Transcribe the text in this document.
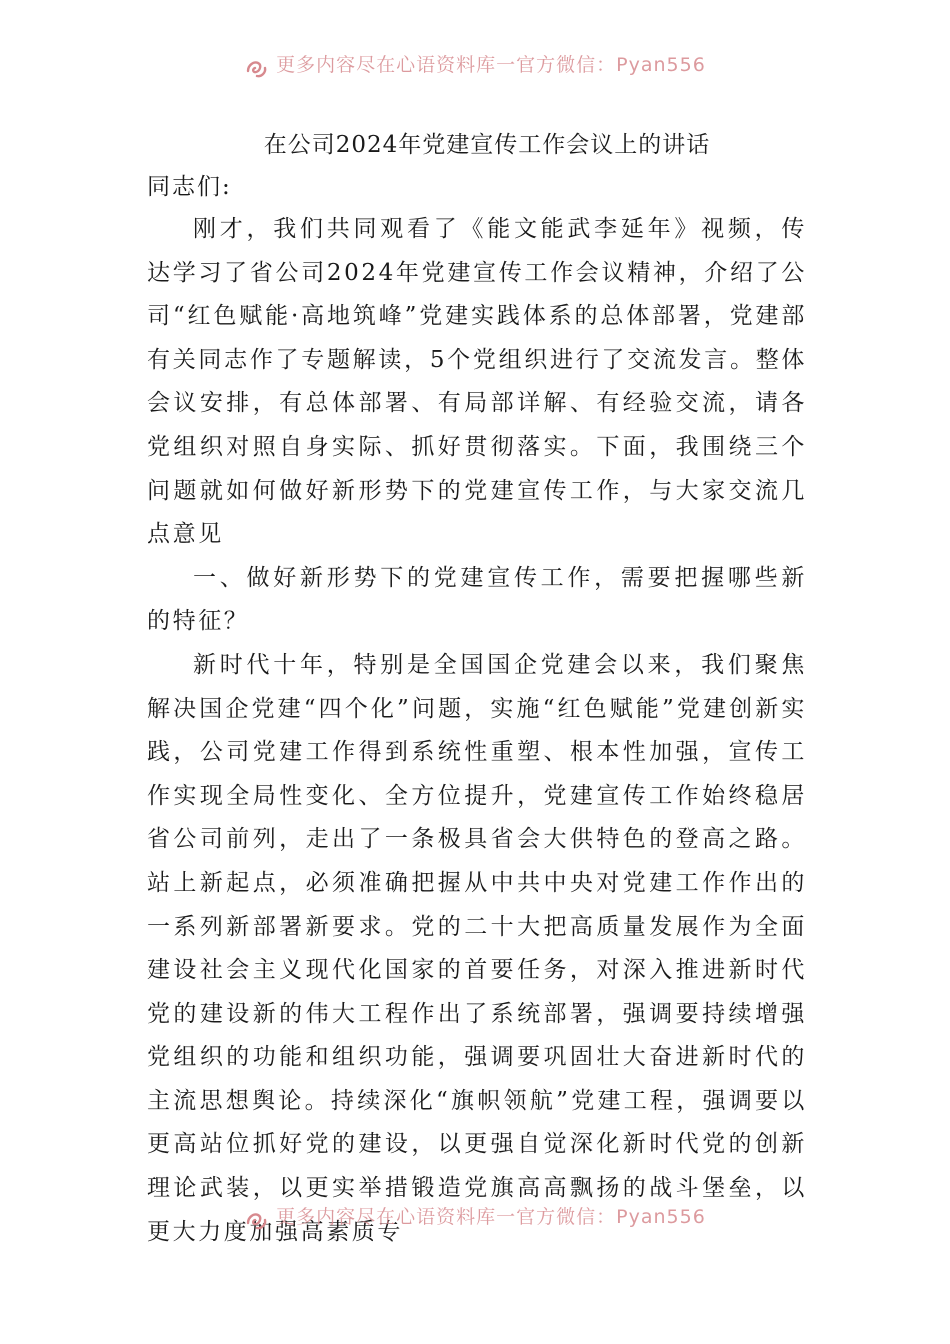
更多内容尽在心语资料库一官方微信：Pyan556
在公司2024年党建宣传工作会议上的讲话
同志们:

刚才，我们共同观看了《能文能武李延年》视频，传达学习了省公司2024年党建宣传工作会议精神，介绍了公司“红色赋能·高地筑峰”党建实践体系的总体部署，党建部有关同志作了专题解读，5个党组织进行了交流发言。整体会议安排，有总体部署、有局部详解、有经验交流，请各党组织对照自身实际、抓好贯彻落实。下面，我围绕三个问题就如何做好新形势下的党建宣传工作，与大家交流几点意见

一、做好新形势下的党建宣传工作，需要把握哪些新的特征？

新时代十年，特别是全国国企党建会以来，我们聚焦解决国企党建“四个化”问题，实施“红色赋能”党建创新实践，公司党建工作得到系统性重塑、根本性加强，宣传工作实现全局性变化、全方位提升，党建宣传工作始终稳居省公司前列，走出了一条极具省会大供特色的登高之路。站上新起点，必须准确把握从中共中央对党建工作作出的一系列新部署新要求。党的二十大把高质量发展作为全面建设社会主义现代化国家的首要任务，对深入推进新时代党的建设新的伟大工程作出了系统部署，强调要持续增强党组织的功能和组织功能，强调要巩固壮大奋进新时代的主流思想舆论。持续深化“旗帜领航”党建工程，强调要以更高站位抓好党的建设，以更强自觉深化新时代党的创新理论武装，以更实举措锻造党旗高高飘扬的战斗堡垒，以更大力度加强高素质专

更多内容尽在心语资料库一官方微信：Pyan556
